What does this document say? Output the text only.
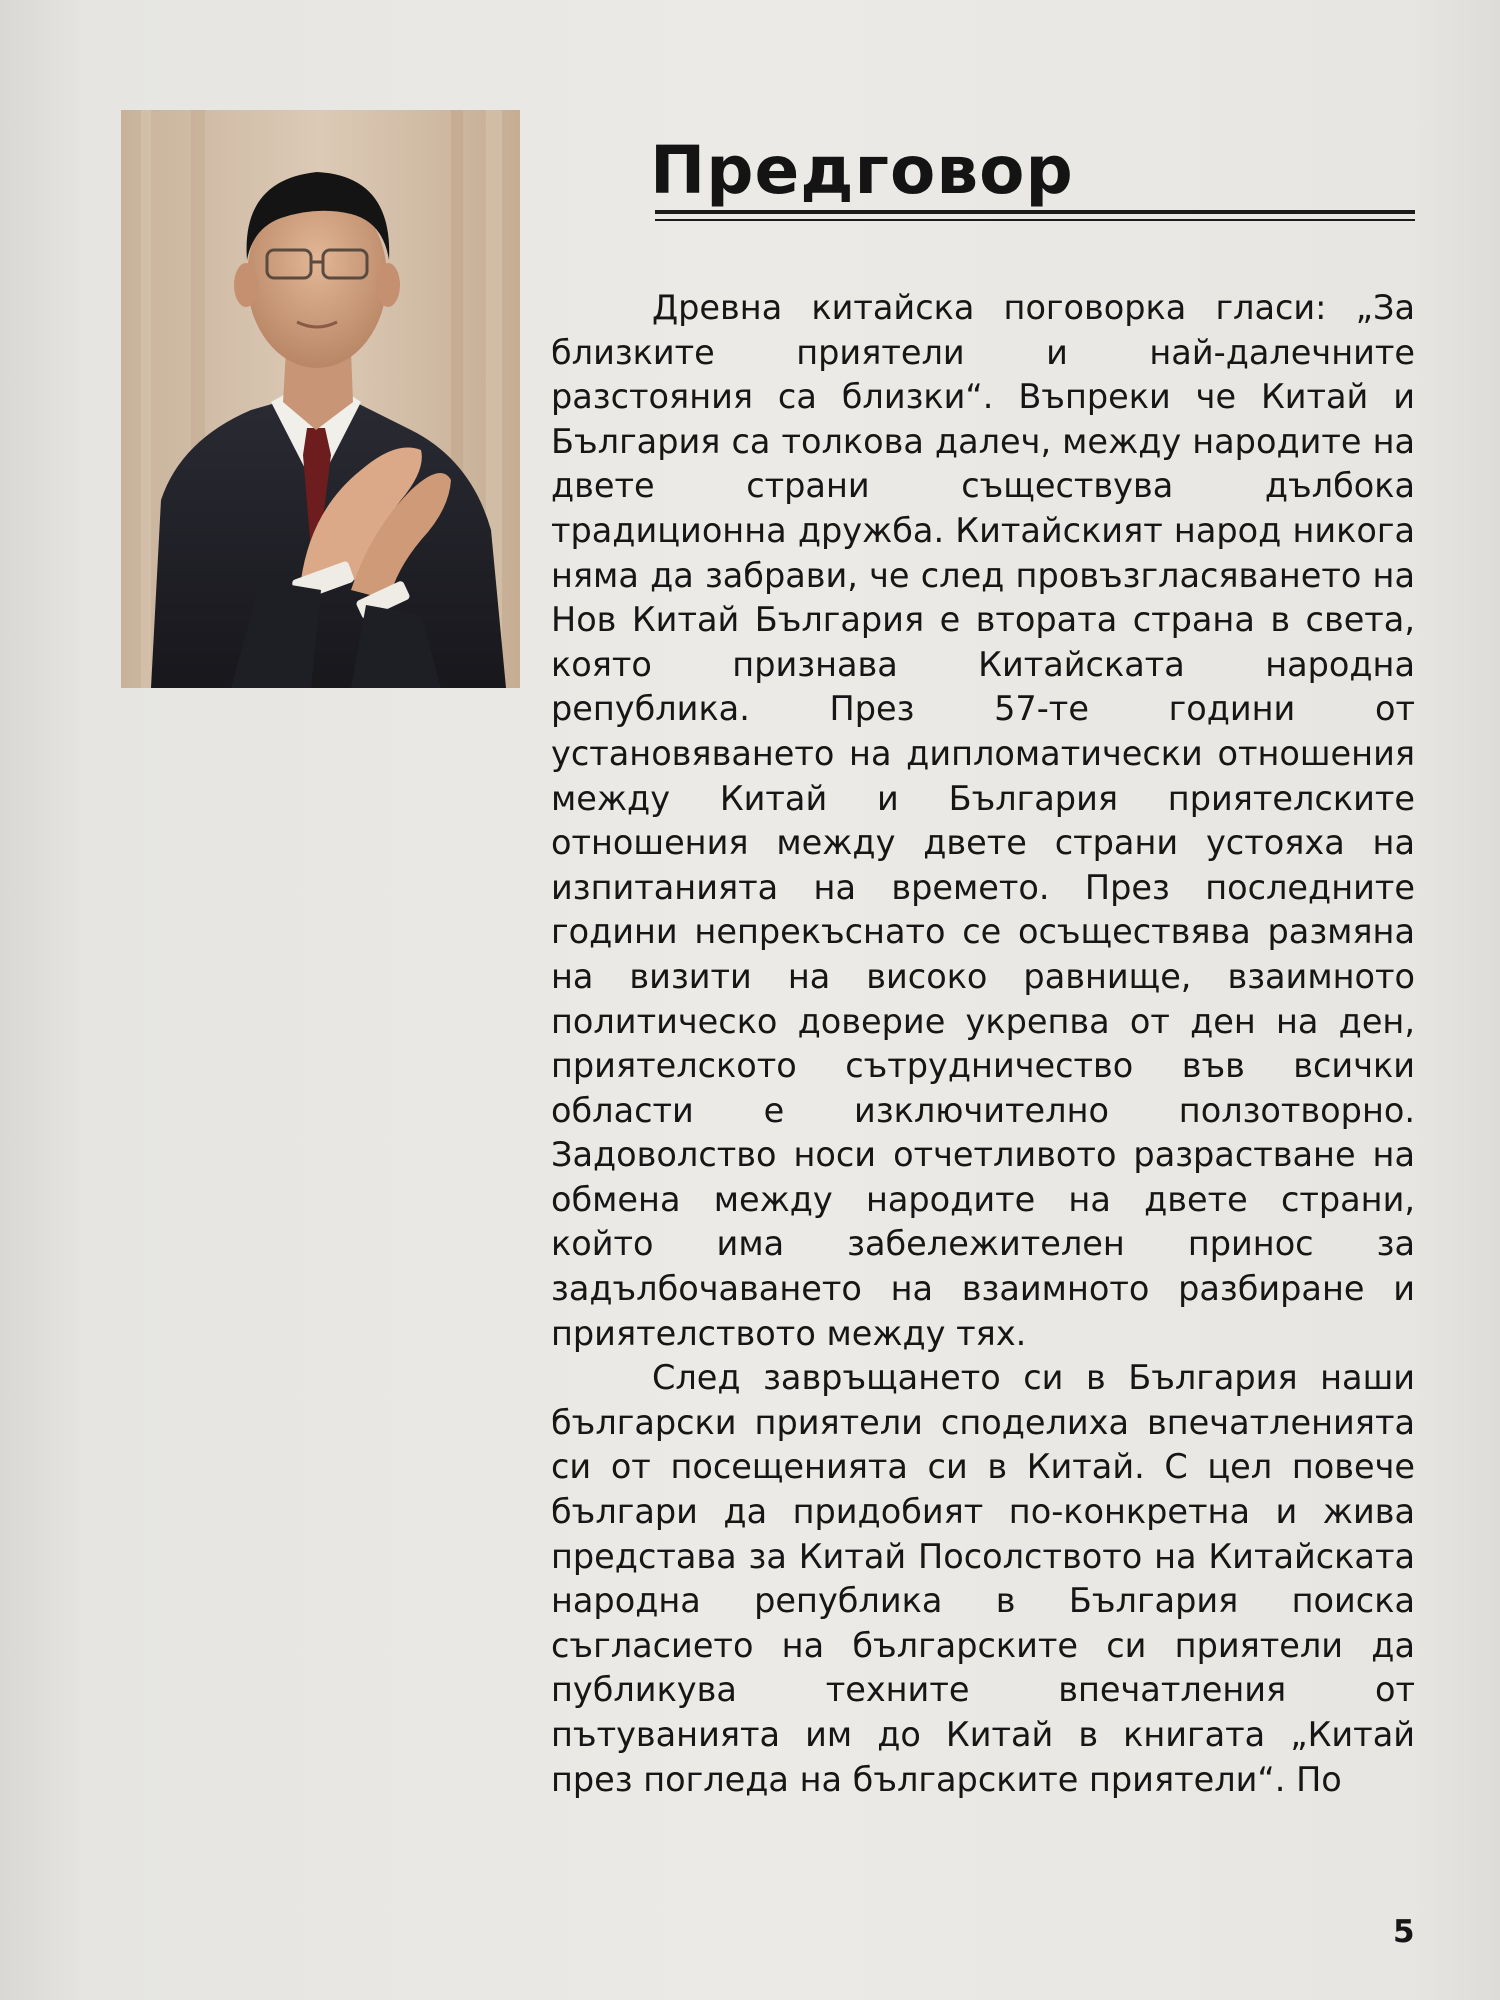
Предговор

Древна китайска поговорка гласи: „За близките приятели и най-далечните разстояния са близки“. Въпреки че Китай и България са толкова далеч, между народите на двете страни съществува дълбока традиционна дружба. Китайският народ никога няма да забрави, че след провъзгласяването на Нов Китай България е втората страна в света, която признава Китайската народна република. През 57-те години от установяването на дипломатически отношения между Китай и България приятелските отношения между двете страни устояха на изпитанията на времето. През последните години непрекъснато се осъществява размяна на визити на високо равнище, взаимното политическо доверие укрепва от ден на ден, приятелското сътрудничество във всички области е изключително ползотворно. Задоволство носи отчетливото разрастване на обмена между народите на двете страни, който има забележителен принос за задълбочаването на взаимното разбиране и приятелството между тях.

След завръщането си в България наши български приятели споделиха впечатленията си от посещенията си в Китай. С цел повече българи да придобият по-конкретна и жива представа за Китай Посолството на Китайската народна република в България поиска съгласието на българските си приятели да публикува техните впечатления от пътуванията им до Китай в книгата „Китай през погледа на българските приятели“. По

5
